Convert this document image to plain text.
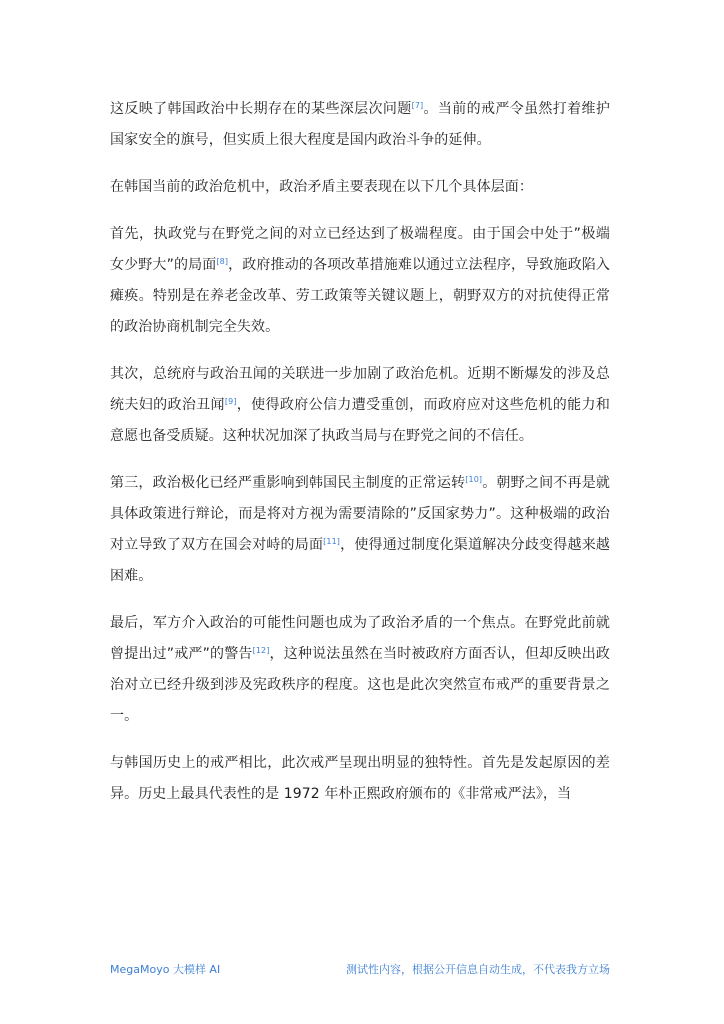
这反映了韩国政治中长期存在的某些深层次问题[7]。当前的戒严令虽然打着维护国家安全的旗号，但实质上很大程度是国内政治斗争的延伸。

在韩国当前的政治危机中，政治矛盾主要表现在以下几个具体层面：

首先，执政党与在野党之间的对立已经达到了极端程度。由于国会中处于”极端女少野大”的局面[8]，政府推动的各项改革措施难以通过立法程序，导致施政陷入瘫痪。特别是在养老金改革、劳工政策等关键议题上，朝野双方的对抗使得正常的政治协商机制完全失效。

其次，总统府与政治丑闻的关联进一步加剧了政治危机。近期不断爆发的涉及总统夫妇的政治丑闻[9]，使得政府公信力遭受重创，而政府应对这些危机的能力和意愿也备受质疑。这种状况加深了执政当局与在野党之间的不信任。

第三，政治极化已经严重影响到韩国民主制度的正常运转[10]。朝野之间不再是就具体政策进行辩论，而是将对方视为需要清除的”反国家势力”。这种极端的政治对立导致了双方在国会对峙的局面[11]，使得通过制度化渠道解决分歧变得越来越困难。

最后，军方介入政治的可能性问题也成为了政治矛盾的一个焦点。在野党此前就曾提出过”戒严”的警告[12]，这种说法虽然在当时被政府方面否认，但却反映出政治对立已经升级到涉及宪政秩序的程度。这也是此次突然宣布戒严的重要背景之一。

与韩国历史上的戒严相比，此次戒严呈现出明显的独特性。首先是发起原因的差异。历史上最具代表性的是 1972 年朴正熙政府颁布的《非常戒严法》，当

MegaMoyo 大模样 AI	测试性内容，根据公开信息自动生成，不代表我方立场
